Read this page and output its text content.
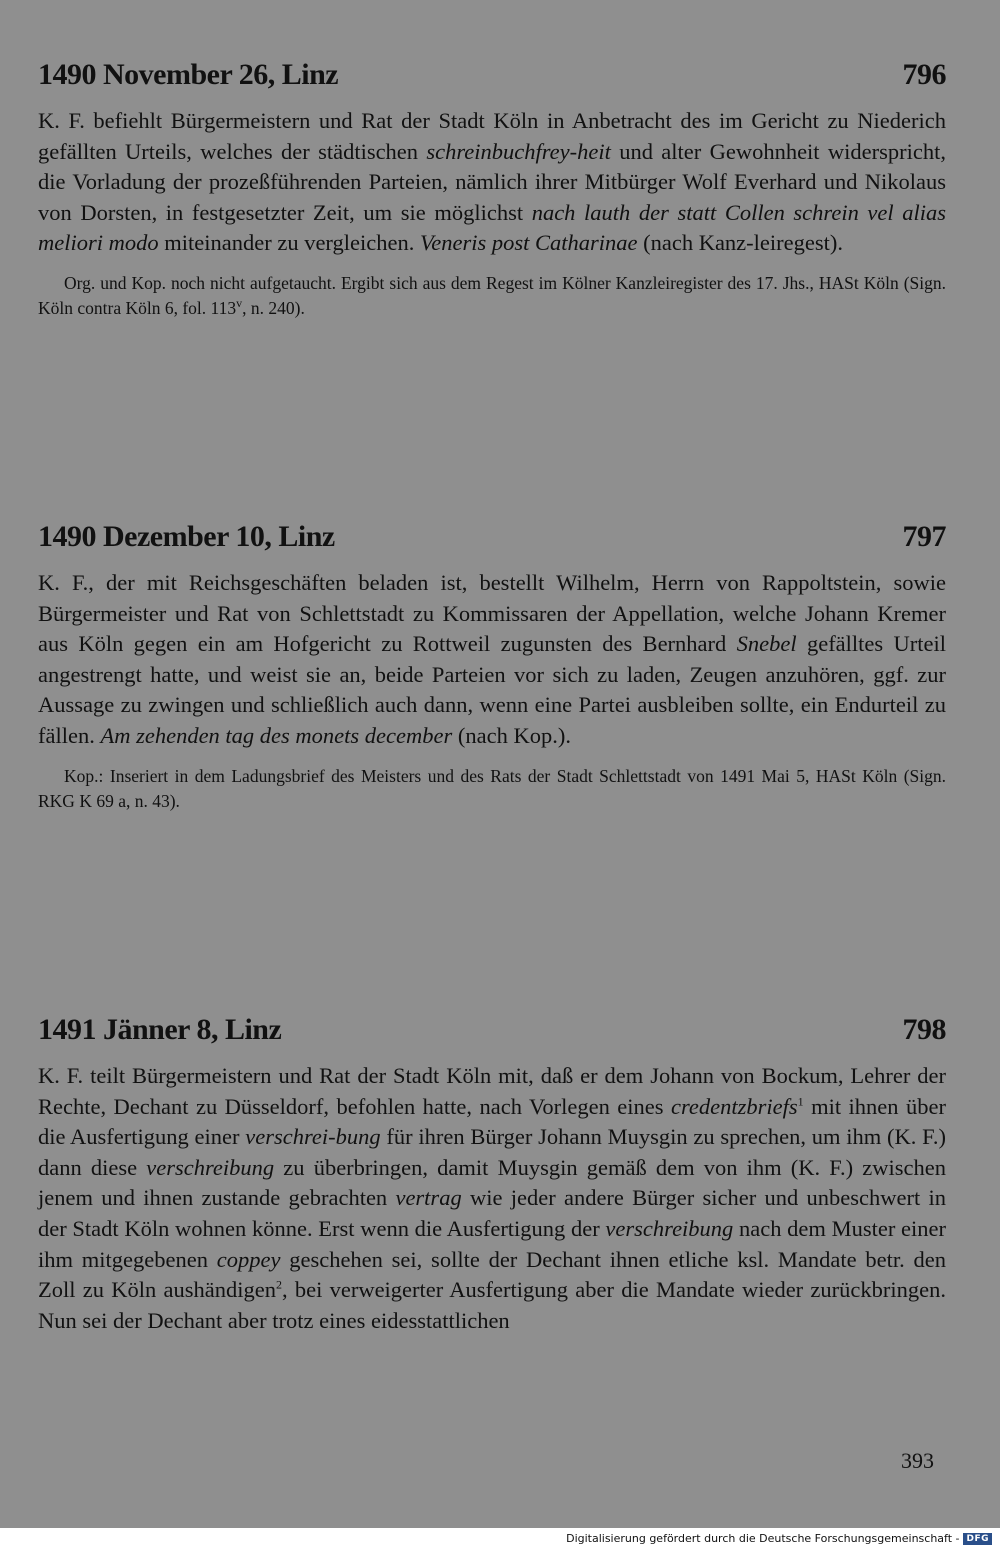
1490 November 26, Linz	796

K. F. befiehlt Bürgermeistern und Rat der Stadt Köln in Anbetracht des im Gericht zu Niederich gefällten Urteils, welches der städtischen schreinbuchfrey-heit und alter Gewohnheit widerspricht, die Vorladung der prozeßführenden Parteien, nämlich ihrer Mitbürger Wolf Everhard und Nikolaus von Dorsten, in festgesetzter Zeit, um sie möglichst nach lauth der statt Collen schrein vel alias meliori modo miteinander zu vergleichen. Veneris post Catharinae (nach Kanz-leiregest).

Org. und Kop. noch nicht aufgetaucht. Ergibt sich aus dem Regest im Kölner Kanzleiregister des 17. Jhs., HASt Köln (Sign. Köln contra Köln 6, fol. 113$^v$, n. 240).

1490 Dezember 10, Linz	797

K. F., der mit Reichsgeschäften beladen ist, bestellt Wilhelm, Herrn von Rappoltstein, sowie Bürgermeister und Rat von Schlettstadt zu Kommissaren der Appellation, welche Johann Kremer aus Köln gegen ein am Hofgericht zu Rottweil zugunsten des Bernhard Snebel gefälltes Urteil angestrengt hatte, und weist sie an, beide Parteien vor sich zu laden, Zeugen anzuhören, ggf. zur Aussage zu zwingen und schließlich auch dann, wenn eine Partei ausbleiben sollte, ein Endurteil zu fällen. Am zehenden tag des monets december (nach Kop.).

Kop.: Inseriert in dem Ladungsbrief des Meisters und des Rats der Stadt Schlettstadt von 1491 Mai 5, HASt Köln (Sign. RKG K 69 a, n. 43).

1491 Jänner 8, Linz	798

K. F. teilt Bürgermeistern und Rat der Stadt Köln mit, daß er dem Johann von Bockum, Lehrer der Rechte, Dechant zu Düsseldorf, befohlen hatte, nach Vorlegen eines credentzbriefs$^1$ mit ihnen über die Ausfertigung einer verschrei-bung für ihren Bürger Johann Muysgin zu sprechen, um ihm (K. F.) dann diese verschreibung zu überbringen, damit Muysgin gemäß dem von ihm (K. F.) zwischen jenem und ihnen zustande gebrachten vertrag wie jeder andere Bürger sicher und unbeschwert in der Stadt Köln wohnen könne. Erst wenn die Ausfertigung der verschreibung nach dem Muster einer ihm mitgegebenen coppey geschehen sei, sollte der Dechant ihnen etliche ksl. Mandate betr. den Zoll zu Köln aushändigen$^2$, bei verweigerter Ausfertigung aber die Mandate wieder zurückbringen. Nun sei der Dechant aber trotz eines eidesstattlichen

393
Digitalisierung gefördert durch die Deutsche Forschungsgemeinschaft - DFG
